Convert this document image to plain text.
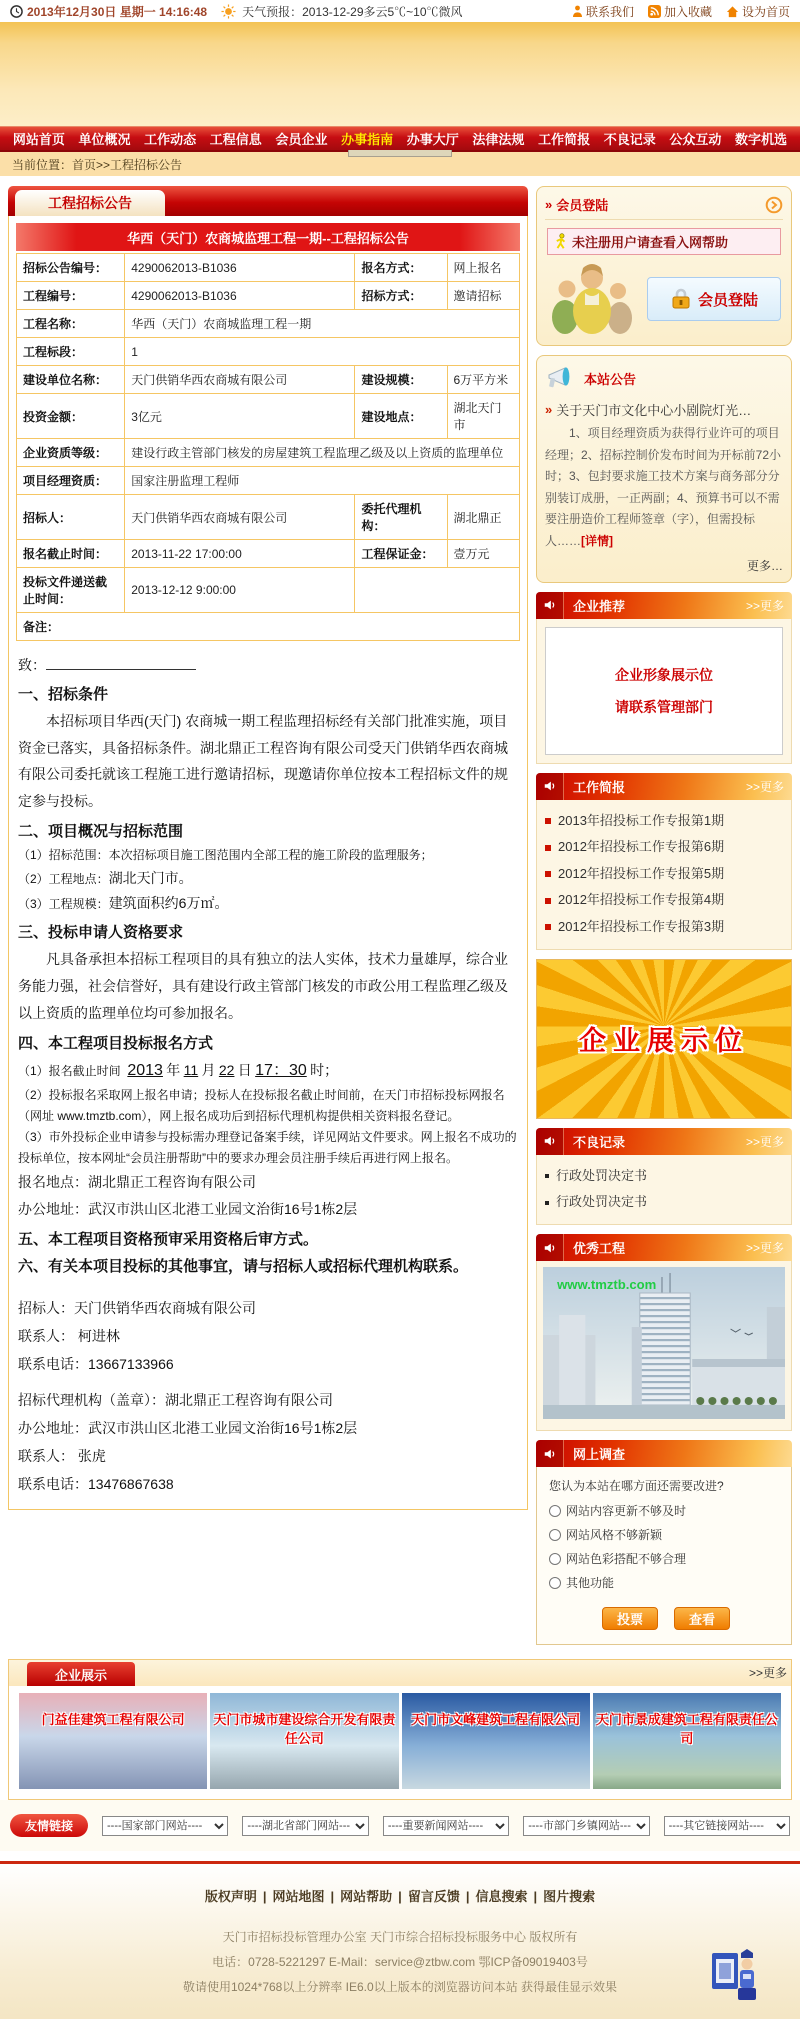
2013年12月30日 星期一 14:16:48	天气预报：2013-12-29多云5℃~10℃微风	联系我们	加入收藏	设为首页
网站首页 单位概况 工作动态 工程信息 会员企业 办事指南 办事大厅 法律法规 工作简报 不良记录 公众互动 数字机选
当前位置：首页>>工程招标公告
工程招标公告
华西（天门）农商城监理工程一期--工程招标公告
招标公告编号：	4290062013-B1036	报名方式：	网上报名
工程编号：	4290062013-B1036	招标方式：	邀请招标
工程名称：	华西（天门）农商城监理工程一期		
工程标段：	1		
建设单位名称：	天门供销华西农商城有限公司	建设规模：	6万平方米
投资金额：	3亿元	建设地点：	湖北天门市
企业资质等级：	建设行政主管部门核发的房屋建筑工程监理乙级及以上资质的监理单位		
项目经理资质：	国家注册监理工程师		
招标人：	天门供销华西农商城有限公司	委托代理机构：	湖北鼎正
报名截止时间：	2013-11-22 17:00:00	工程保证金：	壹万元
投标文件递送截止时间：	2013-12-12 9:00:00		
备注：			
致：
一、招标条件
本招标项目华西(天门) 农商城一期工程监理招标经有关部门批准实施，项目资金已落实，具备招标条件。湖北鼎正工程咨询有限公司受天门供销华西农商城有限公司委托就该工程施工进行邀请招标，现邀请你单位按本工程招标文件的规定参与投标。
二、项目概况与招标范围
（1）招标范围：本次招标项目施工图范围内全部工程的施工阶段的监理服务；
（2）工程地点：湖北天门市。
（3）工程规模：建筑面积约6万㎡。
三、投标申请人资格要求
凡具备承担本招标工程项目的具有独立的法人实体，技术力量雄厚，综合业务能力强，社会信誉好，具有建设行政主管部门核发的市政公用工程监理乙级及以上资质的监理单位均可参加报名。
四、本工程项目投标报名方式
（1）报名截止时间 2013 年 11 月 22 日 17：30 时；
（2）投标报名采取网上报名申请；投标人在投标报名截止时间前，在天门市招标投标网报名（网址 www.tmztb.com），网上报名成功后到招标代理机构提供相关资料报名登记。
（3）市外投标企业申请参与投标需办理登记备案手续，详见网站文件要求。网上报名不成功的投标单位，按本网址“会员注册帮助”中的要求办理会员注册手续后再进行网上报名。
报名地点：湖北鼎正工程咨询有限公司
办公地址：武汉市洪山区北港工业园文治街16号1栋2层
五、本工程项目资格预审采用资格后审方式。
六、有关本项目投标的其他事宜，请与招标人或招标代理机构联系。
招标人：天门供销华西农商城有限公司
联系人： 柯进林
联系电话：13667133966
招标代理机构（盖章）：湖北鼎正工程咨询有限公司
办公地址：武汉市洪山区北港工业园文治街16号1栋2层
联系人： 张虎
联系电话：13476867638
» 会员登陆
未注册用户请查看入网帮助
会员登陆
本站公告
» 关于天门市文化中心小剧院灯光…
1、项目经理资质为获得行业许可的项目经理；2、招标控制价发布时间为开标前72小时；3、包封要求施工技术方案与商务部分分别装订成册，一正两副；4、预算书可以不需要注册造价工程师签章（字），但需投标人……[详情]
更多…
企业推荐	>>更多
企业形象展示位
请联系管理部门
工作简报	>>更多
2013年招投标工作专报第1期
2012年招投标工作专报第6期
2012年招投标工作专报第5期
2012年招投标工作专报第4期
2012年招投标工作专报第3期
企业展示位
不良记录	>>更多
行政处罚决定书
行政处罚决定书
优秀工程	>>更多
www.tmztb.com
网上调查
您认为本站在哪方面还需要改进?
网站内容更新不够及时
网站风格不够新颖
网站色彩搭配不够合理
其他功能
投票	查看
企业展示	>>更多
门益佳建筑工程有限公司	天门市城市建设综合开发有限责任公司
天门市文峰建筑工程有限公司	天门市景成建筑工程有限责任公司
友情链接
----国家部门网站----
----湖北省部门网站---
----重要新闻网站----
----市部门乡镇网站---
----其它链接网站----
版权声明 | 网站地图 | 网站帮助 | 留言反馈 | 信息搜索 | 图片搜索
天门市招标投标管理办公室 天门市综合招标投标服务中心 版权所有
电话：0728-5221297 E-Mail：service@ztbw.com 鄂ICP备09019403号
敬请使用1024*768以上分辨率 IE6.0以上版本的浏览器访问本站 获得最佳显示效果
